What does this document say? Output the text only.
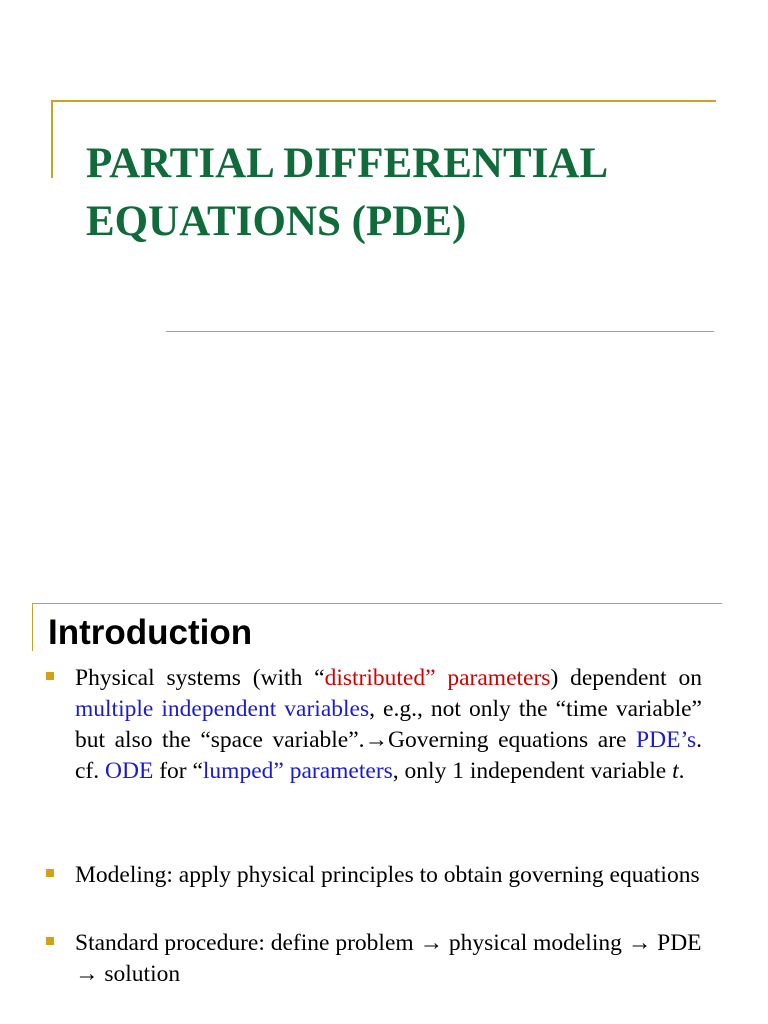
PARTIAL DIFFERENTIAL
EQUATIONS (PDE)
Introduction
Physical systems (with “distributed” parameters) dependent on multiple independent variables, e.g., not only the “time variable” but also the “space variable”.→Governing equations are PDE’s. cf. ODE for “lumped” parameters, only 1 independent variable t.
Modeling: apply physical principles to obtain governing equations
Standard procedure: define problem → physical modeling → PDE → solution
